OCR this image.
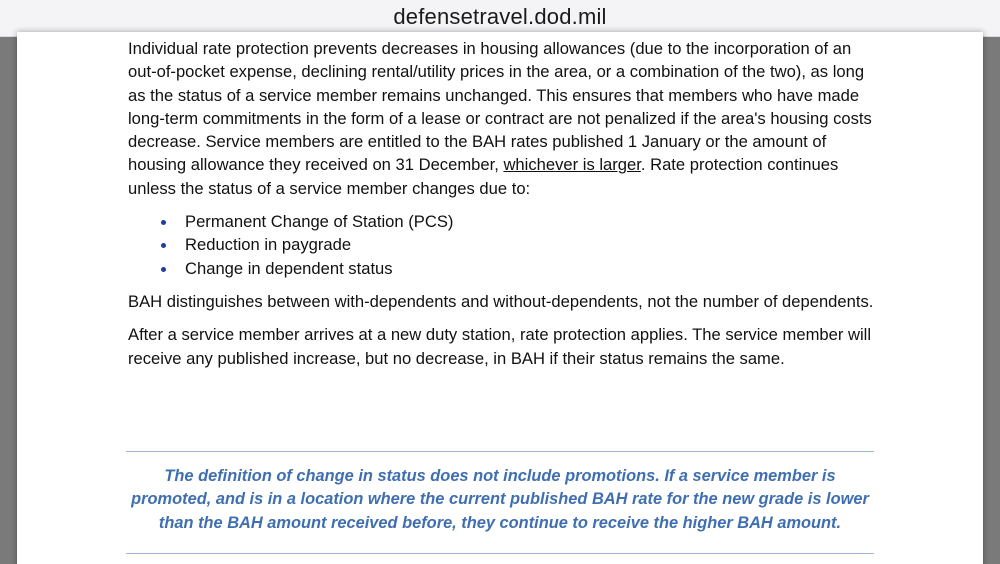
defensetravel.dod.mil

Individual rate protection prevents decreases in housing allowances (due to the incorporation of an out-of-pocket expense, declining rental/utility prices in the area, or a combination of the two), as long as the status of a service member remains unchanged. This ensures that members who have made long-term commitments in the form of a lease or contract are not penalized if the area's housing costs decrease. Service members are entitled to the BAH rates published 1 January or the amount of housing allowance they received on 31 December, whichever is larger. Rate protection continues unless the status of a service member changes due to:

Permanent Change of Station (PCS)
Reduction in paygrade
Change in dependent status

BAH distinguishes between with-dependents and without-dependents, not the number of dependents.

After a service member arrives at a new duty station, rate protection applies. The service member will receive any published increase, but no decrease, in BAH if their status remains the same.

The definition of change in status does not include promotions. If a service member is promoted, and is in a location where the current published BAH rate for the new grade is lower than the BAH amount received before, they continue to receive the higher BAH amount.
